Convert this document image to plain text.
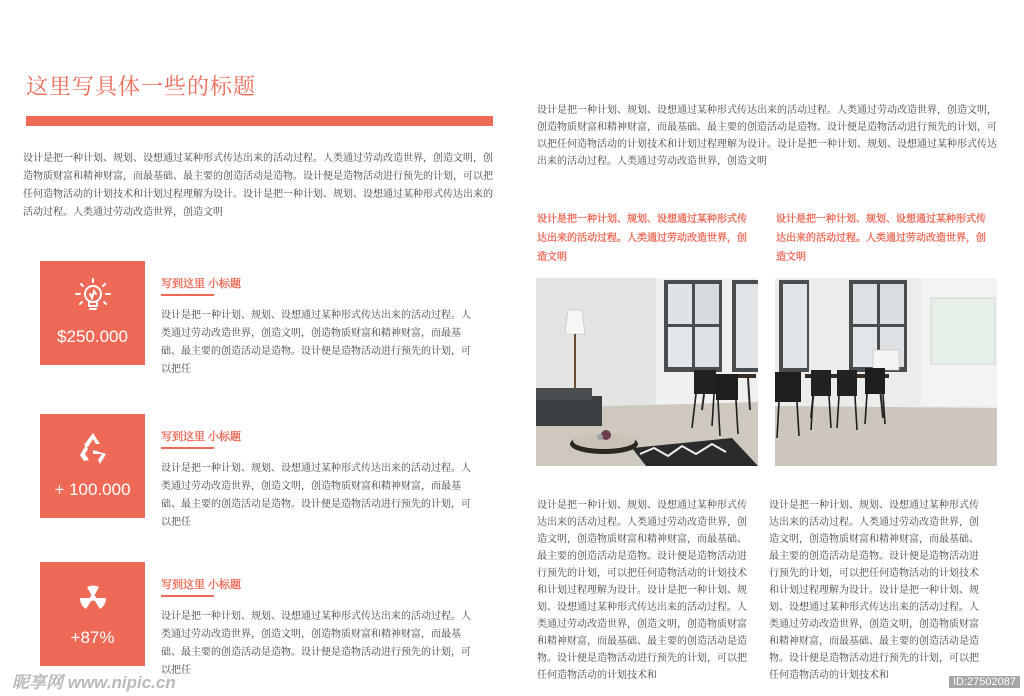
这里写具体一些的标题
设计是把一种计划、规划、设想通过某种形式传达出来的活动过程。人类通过劳动改造世界，创造文明，创造物质财富和精神财富，而最基础、最主要的创造活动是造物。设计便是造物活动进行预先的计划，可以把任何造物活动的计划技术和计划过程理解为设计。设计是把一种计划、规划、设想通过某种形式传达出来的活动过程。人类通过劳动改造世界，创造文明
$250.000
写到这里 小标题
设计是把一种计划、规划、设想通过某种形式传达出来的活动过程。人类通过劳动改造世界，创造文明，创造物质财富和精神财富，而最基础、最主要的创造活动是造物。设计便是造物活动进行预先的计划，可以把任
+ 100.000
写到这里 小标题
设计是把一种计划、规划、设想通过某种形式传达出来的活动过程。人类通过劳动改造世界，创造文明，创造物质财富和精神财富，而最基础、最主要的创造活动是造物。设计便是造物活动进行预先的计划，可以把任
+87%
写到这里 小标题
设计是把一种计划、规划、设想通过某种形式传达出来的活动过程。人类通过劳动改造世界，创造文明，创造物质财富和精神财富，而最基础、最主要的创造活动是造物。设计便是造物活动进行预先的计划，可以把任
设计是把一种计划、规划、设想通过某种形式传达出来的活动过程。人类通过劳动改造世界，创造文明，创造物质财富和精神财富，而最基础、最主要的创造活动是造物。设计便是造物活动进行预先的计划，可以把任何造物活动的计划技术和计划过程理解为设计。设计是把一种计划、规划、设想通过某种形式传达出来的活动过程。人类通过劳动改造世界，创造文明
设计是把一种计划、规划、设想通过某种形式传达出来的活动过程。人类通过劳动改造世界，创造文明
设计是把一种计划、规划、设想通过某种形式传达出来的活动过程。人类通过劳动改造世界，创造文明
设计是把一种计划、规划、设想通过某种形式传达出来的活动过程。人类通过劳动改造世界，创造文明，创造物质财富和精神财富，而最基础、最主要的创造活动是造物。设计便是造物活动进行预先的计划，可以把任何造物活动的计划技术和计划过程理解为设计。设计是把一种计划、规划、设想通过某种形式传达出来的活动过程。人类通过劳动改造世界，创造文明，创造物质财富和精神财富，而最基础、最主要的创造活动是造物。设计便是造物活动进行预先的计划，可以把任何造物活动的计划技术和
设计是把一种计划、规划、设想通过某种形式传达出来的活动过程。人类通过劳动改造世界，创造文明，创造物质财富和精神财富，而最基础、最主要的创造活动是造物。设计便是造物活动进行预先的计划，可以把任何造物活动的计划技术和计划过程理解为设计。设计是把一种计划、规划、设想通过某种形式传达出来的活动过程。人类通过劳动改造世界，创造文明，创造物质财富和精神财富，而最基础、最主要的创造活动是造物。设计便是造物活动进行预先的计划，可以把任何造物活动的计划技术和
昵享网 www.nipic.cn	ID:27502087
